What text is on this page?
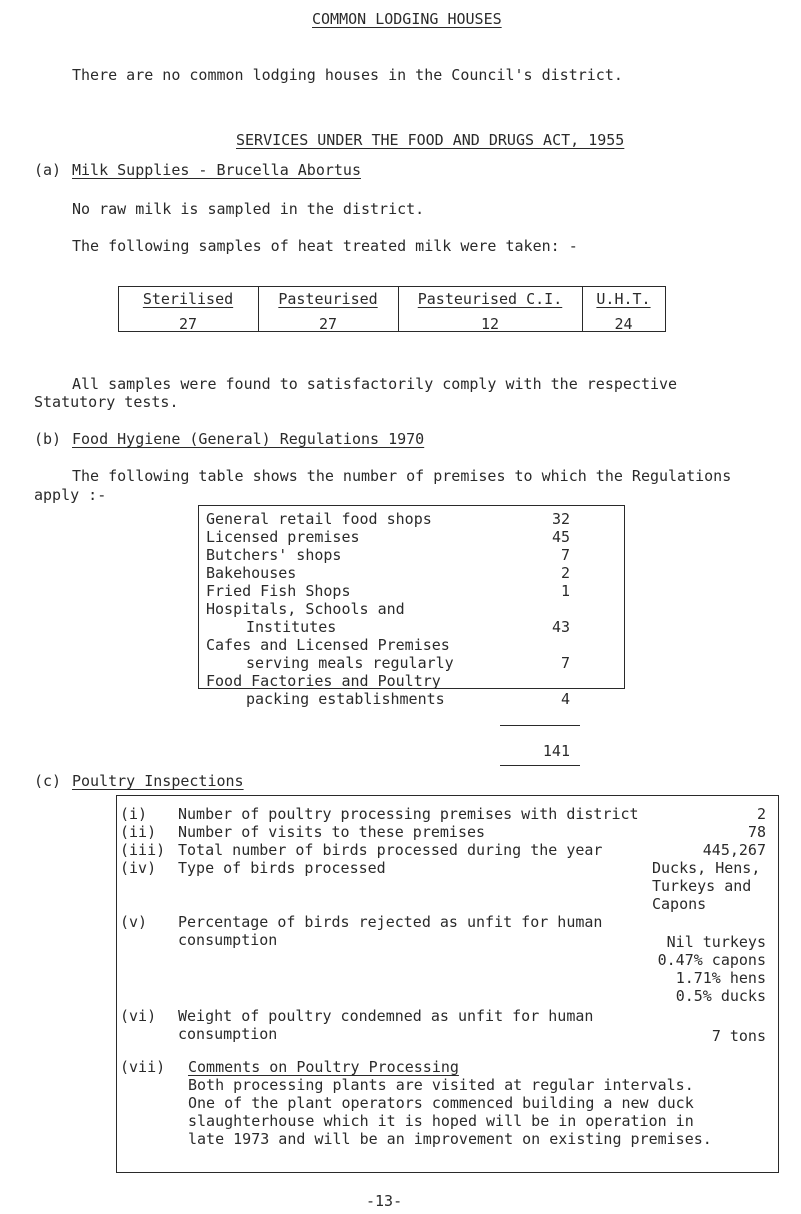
COMMON LODGING HOUSES
There are no common lodging houses in the Council's district.
SERVICES UNDER THE FOOD AND DRUGS ACT, 1955
(a) Milk Supplies - Brucella Abortus
No raw milk is sampled in the district.
The following samples of heat treated milk were taken: -
Sterilised	Pasteurised	Pasteurised C.I.	U.H.T.
27	27	12	24
All samples were found to satisfactorily comply with the respective
Statutory tests.
(b) Food Hygiene (General) Regulations 1970
The following table shows the number of premises to which the Regulations
apply :-
General retail food shops	32
Licensed premises	45
Butchers' shops	7
Bakehouses	2
Fried Fish Shops	1
Hospitals, Schools and
Institutes	43
Cafes and Licensed Premises
serving meals regularly	7
Food Factories and Poultry
packing establishments	4
141
(c) Poultry Inspections
(i) Number of poultry processing premises with district	2
(ii) Number of visits to these premises	78
(iii) Total number of birds processed during the year	445,267
(iv) Type of birds processed	Ducks, Hens,
Turkeys and
Capons
(v) Percentage of birds rejected as unfit for human
consumption	Nil turkeys
0.47% capons
1.71% hens
0.5% ducks
(vi) Weight of poultry condemned as unfit for human
consumption	7 tons
(vii) Comments on Poultry Processing
Both processing plants are visited at regular intervals.
One of the plant operators commenced building a new duck
slaughterhouse which it is hoped will be in operation in
late 1973 and will be an improvement on existing premises.
-13-
